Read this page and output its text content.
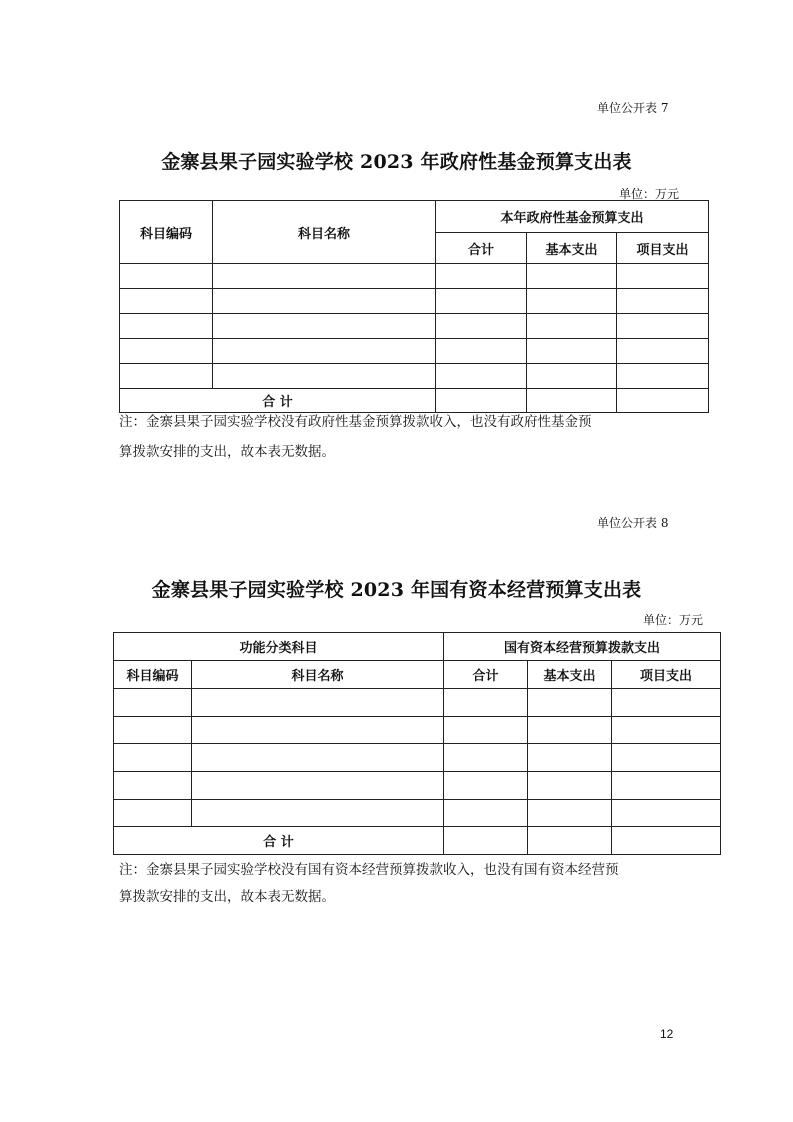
单位公开表 7
金寨县果子园实验学校 2023 年政府性基金预算支出表
单位：万元
科目编码	科目名称	本年政府性基金预算支出		
		合计	基本支出	项目支出

合 计				
注：金寨县果子园实验学校没有政府性基金预算拨款收入，也没有政府性基金预
算拨款安排的支出，故本表无数据。
单位公开表 8
金寨县果子园实验学校 2023 年国有资本经营预算支出表
单位：万元
功能分类科目		国有资本经营预算拨款支出		
科目编码	科目名称	合计	基本支出	项目支出

合 计				
注：金寨县果子园实验学校没有国有资本经营预算拨款收入，也没有国有资本经营预
算拨款安排的支出，故本表无数据。
12
